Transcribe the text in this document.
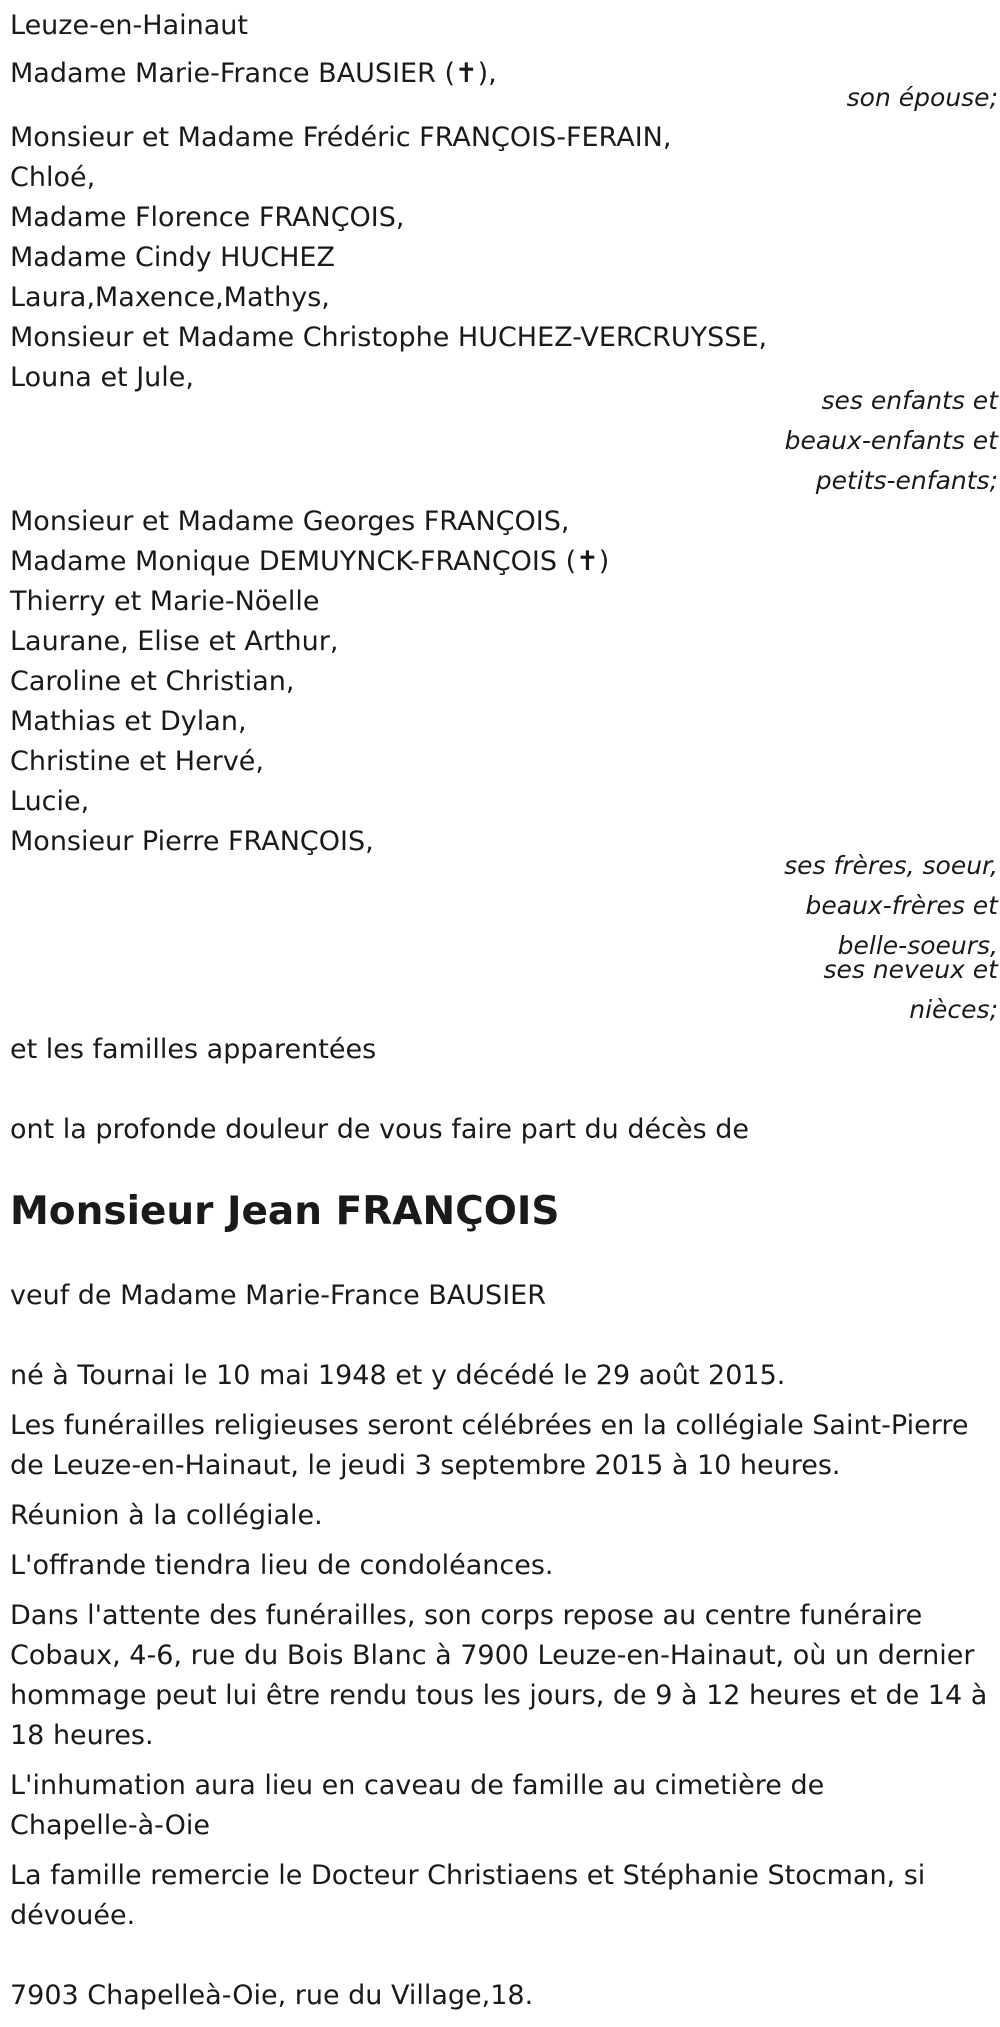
Leuze-en-Hainaut
Madame Marie-France BAUSIER (✝),
son épouse;
Monsieur et Madame Frédéric FRANÇOIS-FERAIN,
Chloé,
Madame Florence FRANÇOIS,
Madame Cindy HUCHEZ
Laura,Maxence,Mathys,
Monsieur et Madame Christophe HUCHEZ-VERCRUYSSE,
Louna et Jule,
ses enfants et
beaux-enfants et
petits-enfants;
Monsieur et Madame Georges FRANÇOIS,
Madame Monique DEMUYNCK-FRANÇOIS (✝)
Thierry et Marie-Nöelle
Laurane, Elise et Arthur,
Caroline et Christian,
Mathias et Dylan,
Christine et Hervé,
Lucie,
Monsieur Pierre FRANÇOIS,
ses frères, soeur,
beaux-frères et
belle-soeurs,
ses neveux et
nièces;
et les familles apparentées
ont la profonde douleur de vous faire part du décès de
Monsieur Jean FRANÇOIS
veuf de Madame Marie-France BAUSIER
né à Tournai le 10 mai 1948 et y décédé le 29 août 2015.
Les funérailles religieuses seront célébrées en la collégiale Saint-Pierre
de Leuze-en-Hainaut, le jeudi 3 septembre 2015 à 10 heures.
Réunion à la collégiale.
L'offrande tiendra lieu de condoléances.
Dans l'attente des funérailles, son corps repose au centre funéraire
Cobaux, 4-6, rue du Bois Blanc à 7900 Leuze-en-Hainaut, où un dernier
hommage peut lui être rendu tous les jours, de 9 à 12 heures et de 14 à
18 heures.
L'inhumation aura lieu en caveau de famille au cimetière de
Chapelle-à-Oie
La famille remercie le Docteur Christiaens et Stéphanie Stocman, si
dévouée.
7903 Chapelleà-Oie, rue du Village,18.
